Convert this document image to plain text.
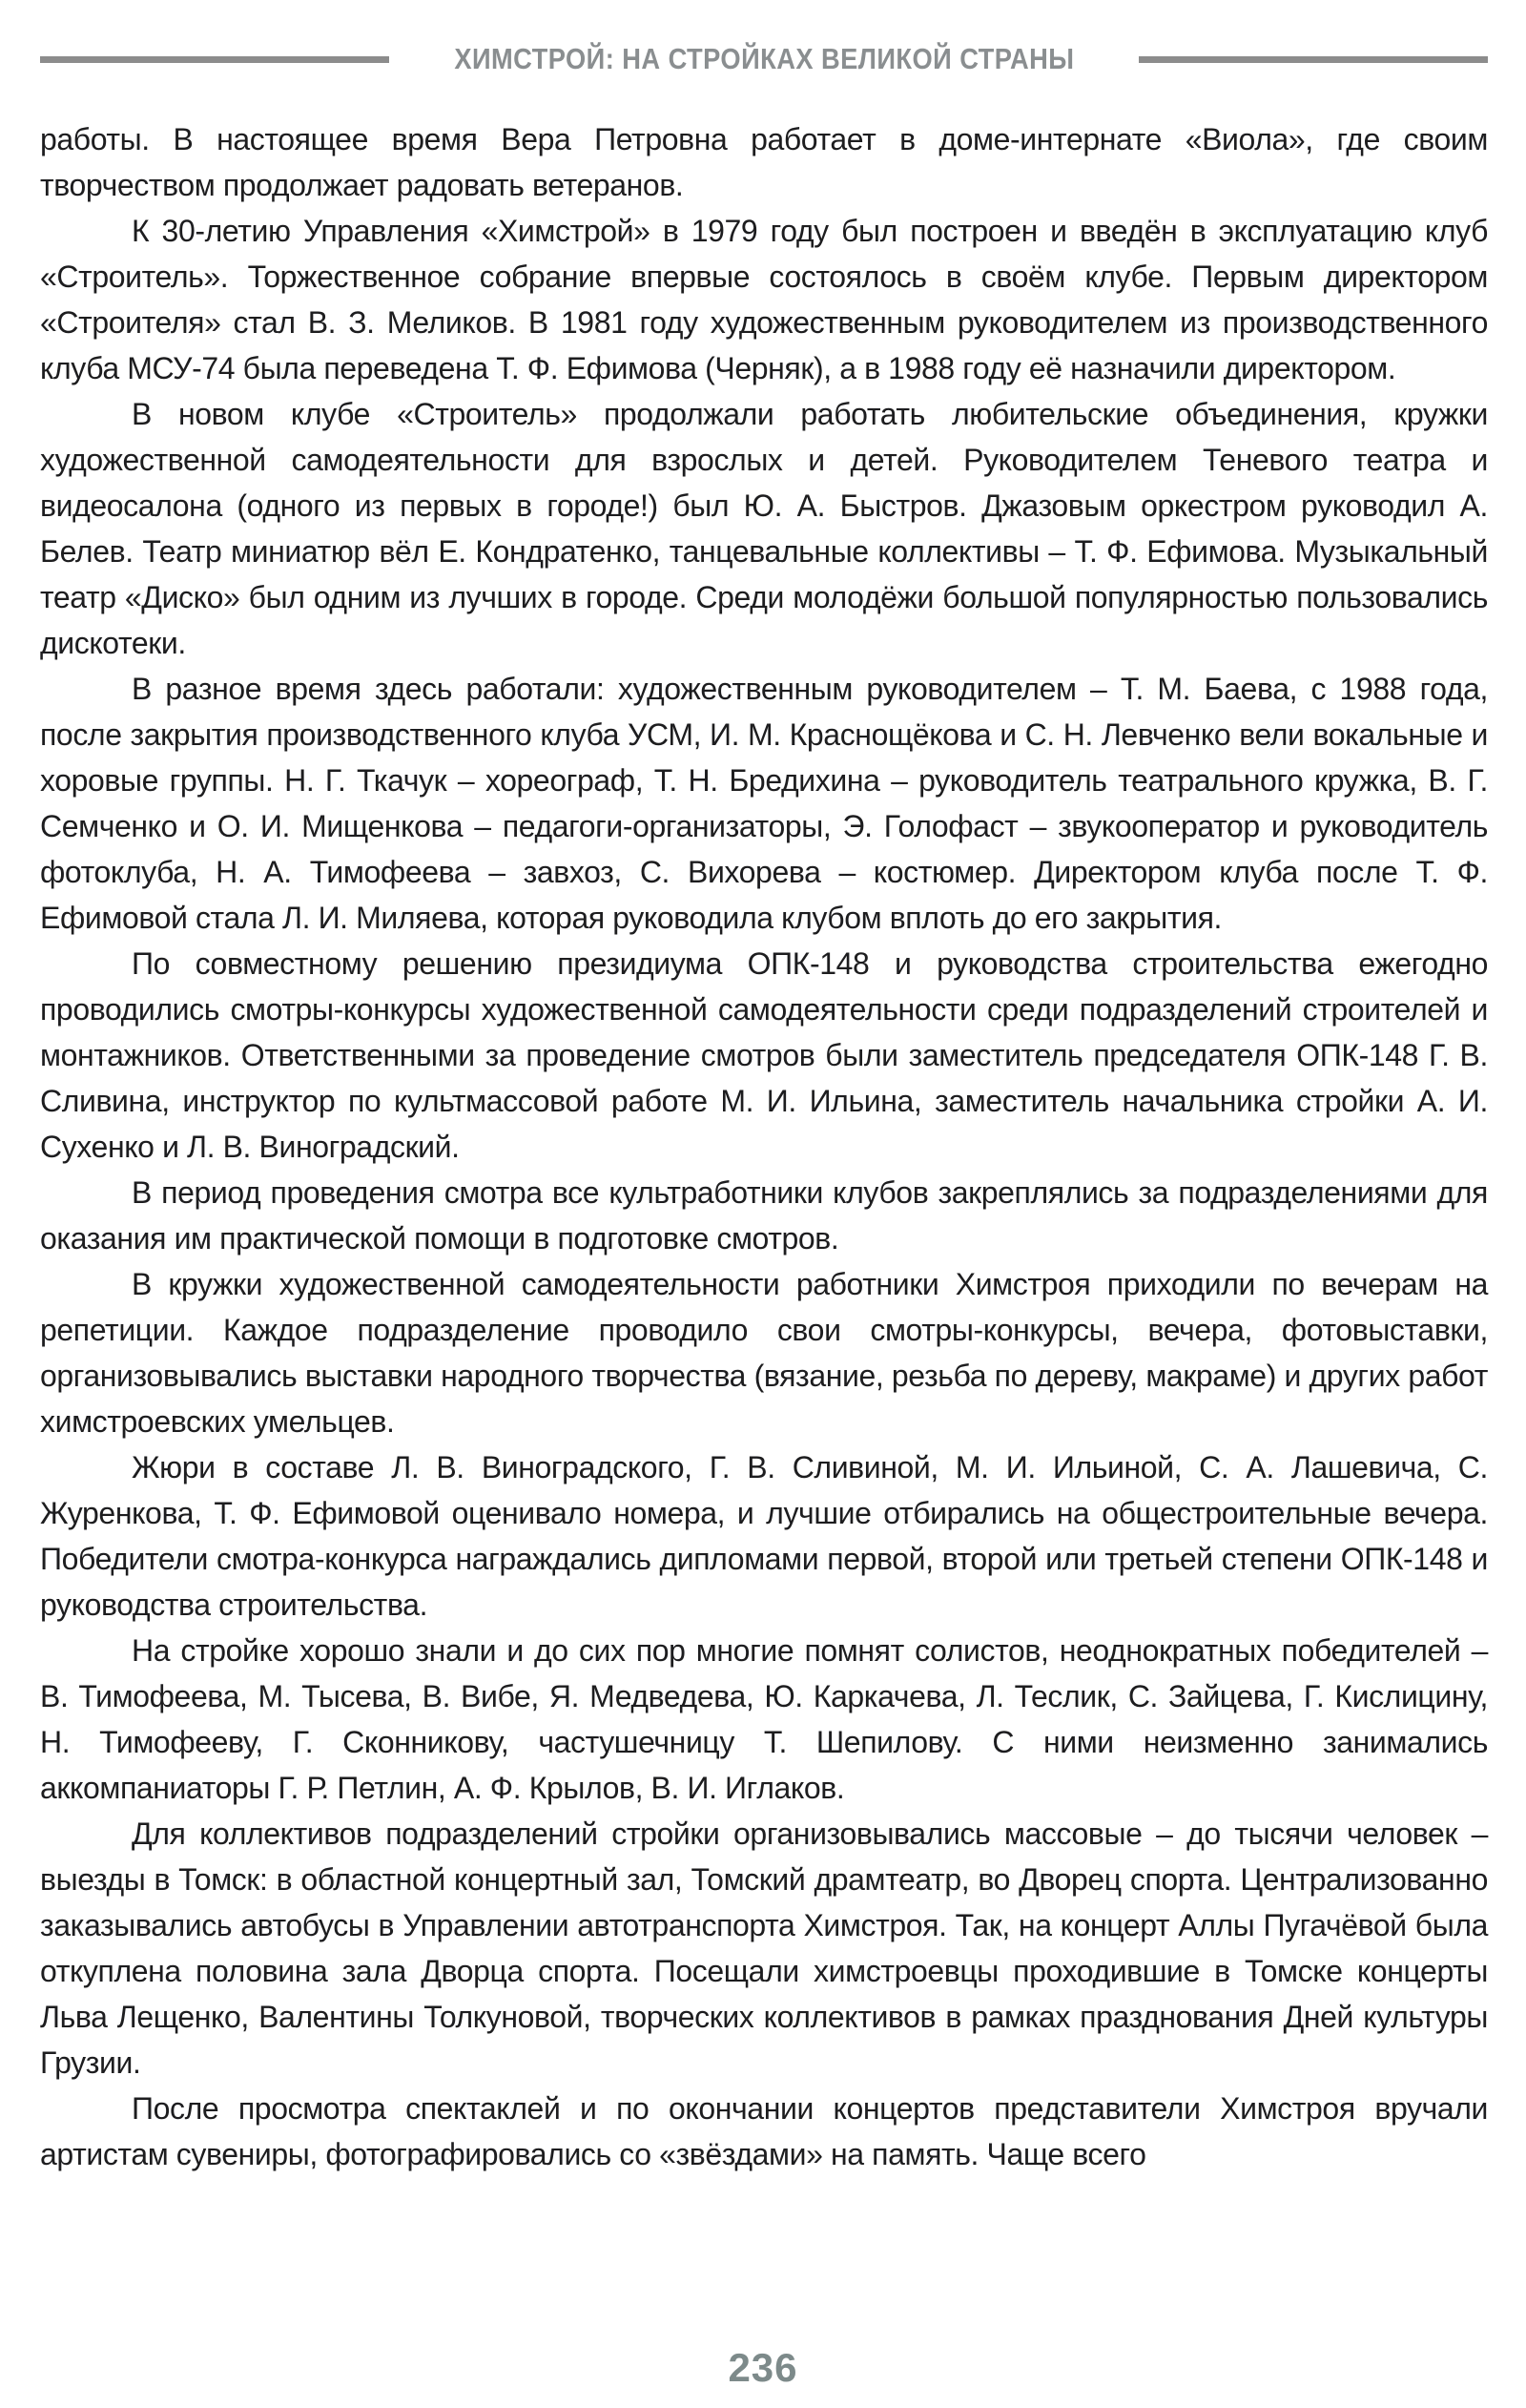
ХИМСТРОЙ: НА СТРОЙКАХ ВЕЛИКОЙ СТРАНЫ

работы. В настоящее время Вера Петровна работает в доме-интернате «Виола», где своим творчеством продолжает радовать ветеранов.

К 30-летию Управления «Химстрой» в 1979 году был построен и введён в эксплуатацию клуб «Строитель». Торжественное собрание впервые состоялось в своём клубе. Первым директором «Строителя» стал В. З. Меликов. В 1981 году художественным руководителем из производственного клуба МСУ-74 была переведена Т. Ф. Ефимова (Черняк), а в 1988 году её назначили директором.

В новом клубе «Строитель» продолжали работать любительские объединения, кружки художественной самодеятельности для взрослых и детей. Руководителем Теневого театра и видеосалона (одного из первых в городе!) был Ю. А. Быстров. Джазовым оркестром руководил А. Белев. Театр миниатюр вёл Е. Кондратенко, танцевальные коллективы – Т. Ф. Ефимова. Музыкальный театр «Диско» был одним из лучших в городе. Среди молодёжи большой популярностью пользовались дискотеки.

В разное время здесь работали: художественным руководителем – Т. М. Баева, с 1988 года, после закрытия производственного клуба УСМ, И. М. Краснощёкова и С. Н. Левченко вели вокальные и хоровые группы. Н. Г. Ткачук – хореограф, Т. Н. Бредихина – руководитель театрального кружка, В. Г. Семченко и О. И. Мищенкова – педагоги-организаторы, Э. Голофаст – звукооператор и руководитель фотоклуба, Н. А. Тимофеева – завхоз, С. Вихорева – костюмер. Директором клуба после Т. Ф. Ефимовой стала Л. И. Миляева, которая руководила клубом вплоть до его закрытия.

По совместному решению президиума ОПК-148 и руководства строительства ежегодно проводились смотры-конкурсы художественной самодеятельности среди подразделений строителей и монтажников. Ответственными за проведение смотров были заместитель председателя ОПК-148 Г. В. Сливина, инструктор по культмассовой работе М. И. Ильина, заместитель начальника стройки А. И. Сухенко и Л. В. Виноградский.

В период проведения смотра все культработники клубов закреплялись за подразделениями для оказания им практической помощи в подготовке смотров.

В кружки художественной самодеятельности работники Химстроя приходили по вечерам на репетиции. Каждое подразделение проводило свои смотры-конкурсы, вечера, фотовыставки, организовывались выставки народного творчества (вязание, резьба по дереву, макраме) и других работ химстроевских умельцев.

Жюри в составе Л. В. Виноградского, Г. В. Сливиной, М. И. Ильиной, С. А. Лашевича, С. Журенкова, Т. Ф. Ефимовой оценивало номера, и лучшие отбирались на общестроительные вечера. Победители смотра-конкурса награждались дипломами первой, второй или третьей степени ОПК-148 и руководства строительства.

На стройке хорошо знали и до сих пор многие помнят солистов, неоднократных победителей – В. Тимофеева, М. Тысева, В. Вибе, Я. Медведева, Ю. Каркачева, Л. Теслик, С. Зайцева, Г. Кислицину, Н. Тимофееву, Г. Сконникову, частушечницу Т. Шепилову. С ними неизменно занимались аккомпаниаторы Г. Р. Петлин, А. Ф. Крылов, В. И. Иглаков.

Для коллективов подразделений стройки организовывались массовые – до тысячи человек – выезды в Томск: в областной концертный зал, Томский драмтеатр, во Дворец спорта. Централизованно заказывались автобусы в Управлении автотранспорта Химстроя. Так, на концерт Аллы Пугачёвой была откуплена половина зала Дворца спорта. Посещали химстроевцы проходившие в Томске концерты Льва Лещенко, Валентины Толкуновой, творческих коллективов в рамках празднования Дней культуры Грузии.

После просмотра спектаклей и по окончании концертов представители Химстроя вручали артистам сувениры, фотографировались со «звёздами» на память. Чаще всего

236
